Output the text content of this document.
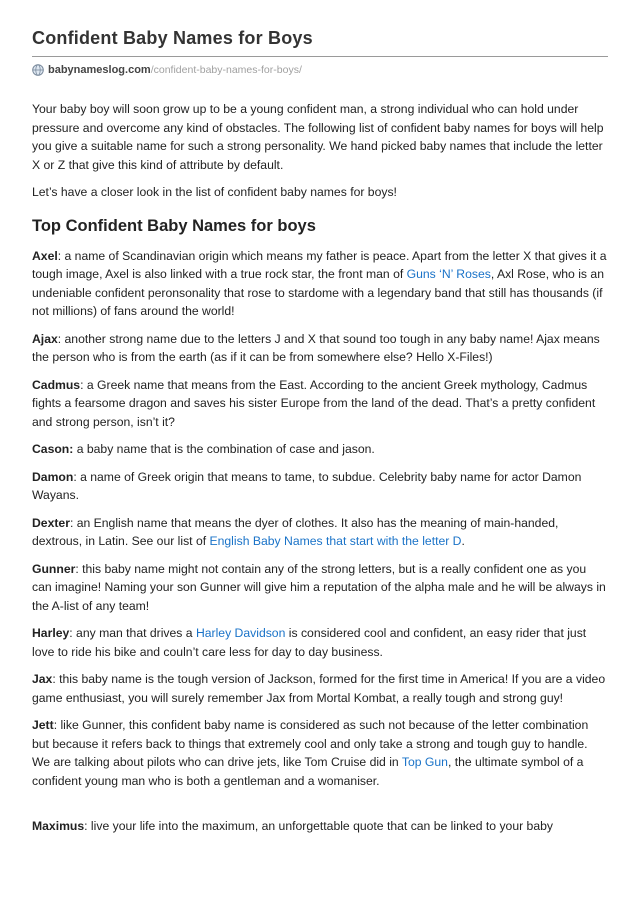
Confident Baby Names for Boys
babynameslog.com /confident-baby-names-for-boys/

Your baby boy will soon grow up to be a young confident man, a strong individual who can hold under pressure and overcome any kind of obstacles. The following list of confident baby names for boys will help you give a suitable name for such a strong personality. We hand picked baby names that include the letter X or Z that give this kind of attribute by default.

Let’s have a closer look in the list of confident baby names for boys!

Top Confident Baby Names for boys

Axel: a name of Scandinavian origin which means my father is peace. Apart from the letter X that gives it a tough image, Axel is also linked with a true rock star, the front man of Guns ‘N’ Roses, Axl Rose, who is an undeniable confident peronsonality that rose to stardome with a legendary band that still has thousands (if not millions) of fans around the world!

Ajax: another strong name due to the letters J and X that sound too tough in any baby name! Ajax means the person who is from the earth (as if it can be from somewhere else? Hello X-Files!)

Cadmus: a Greek name that means from the East. According to the ancient Greek mythology, Cadmus fights a fearsome dragon and saves his sister Europe from the land of the dead. That’s a pretty confident and strong person, isn’t it?

Cason: a baby name that is the combination of case and jason.

Damon: a name of Greek origin that means to tame, to subdue. Celebrity baby name for actor Damon Wayans.

Dexter: an English name that means the dyer of clothes. It also has the meaning of main-handed, dextrous, in Latin. See our list of English Baby Names that start with the letter D.

Gunner: this baby name might not contain any of the strong letters, but is a really confident one as you can imagine! Naming your son Gunner will give him a reputation of the alpha male and he will be always in the A-list of any team!

Harley: any man that drives a Harley Davidson is considered cool and confident, an easy rider that just love to ride his bike and couln’t care less for day to day business.

Jax: this baby name is the tough version of Jackson, formed for the first time in America! If you are a video game enthusiast, you will surely remember Jax from Mortal Kombat, a really tough and strong guy!

Jett: like Gunner, this confident baby name is considered as such not because of the letter combination but because it refers back to things that extremely cool and only take a strong and tough guy to handle. We are talking about pilots who can drive jets, like Tom Cruise did in Top Gun, the ultimate symbol of a confident young man who is both a gentleman and a womaniser.

Maximus: live your life into the maximum, an unforgettable quote that can be linked to your baby
